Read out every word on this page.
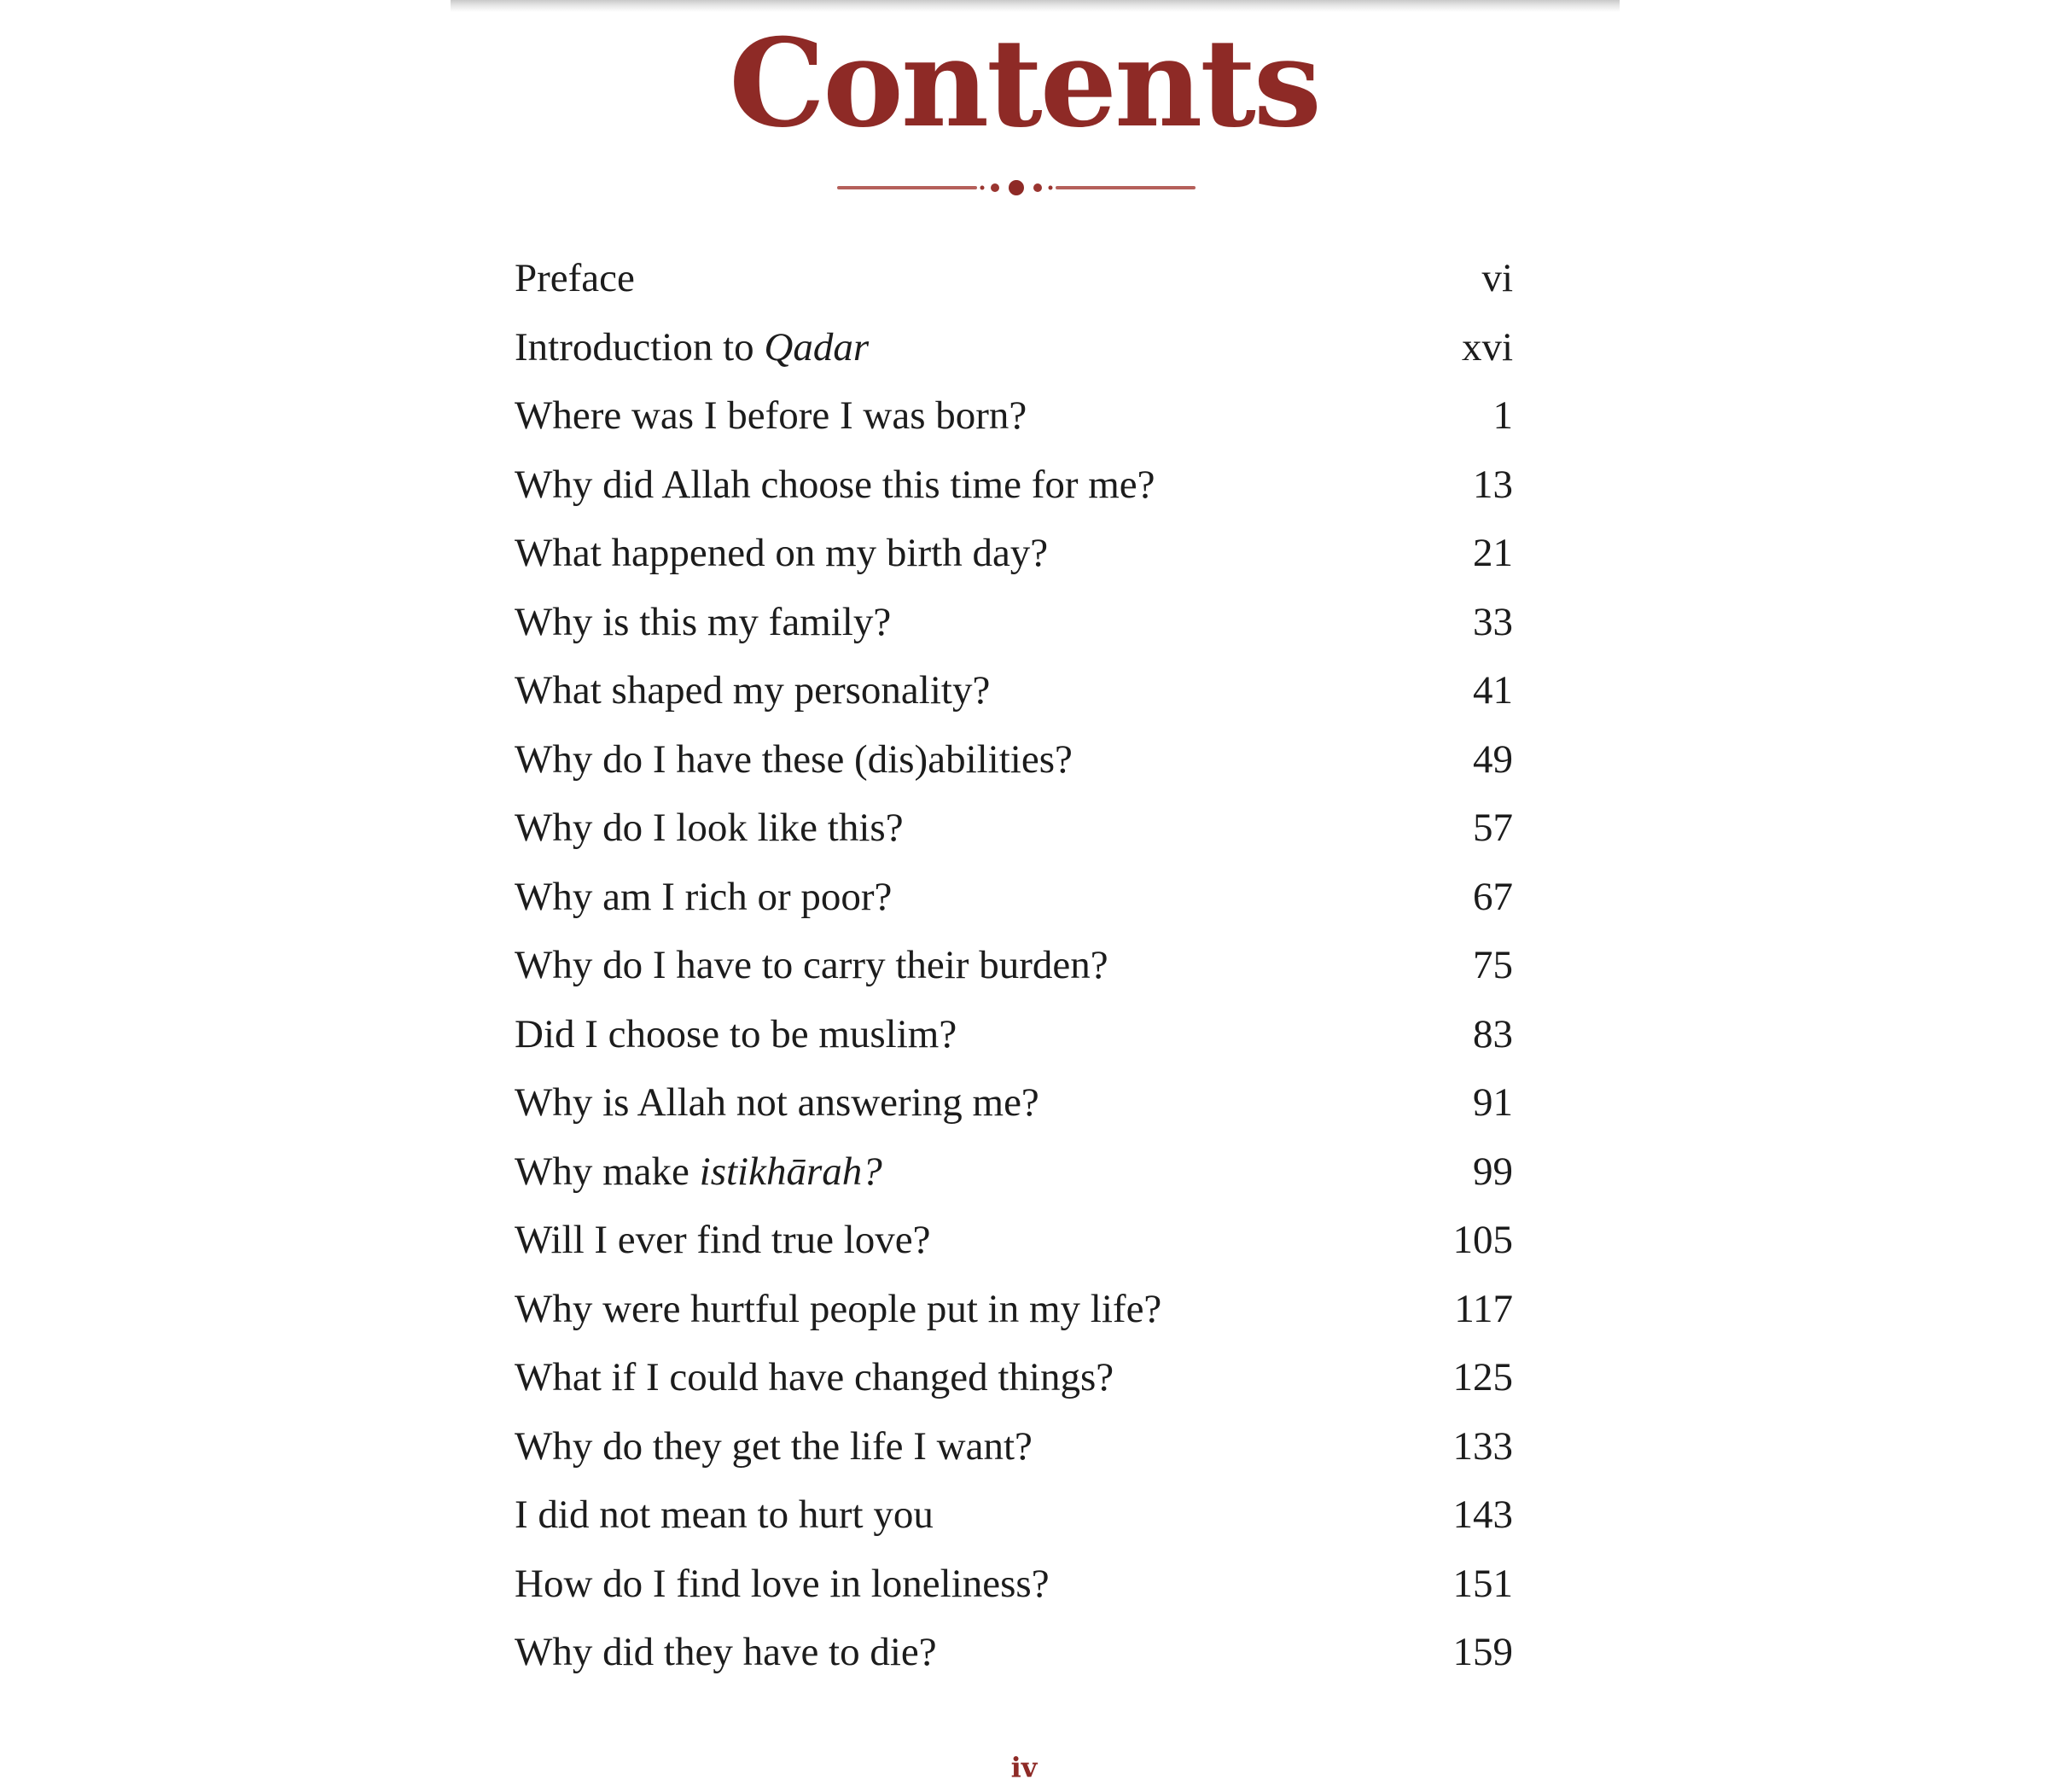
Contents
Preface	vi
Introduction to Qadar	xvi
Where was I before I was born?	1
Why did Allah choose this time for me?	13
What happened on my birth day?	21
Why is this my family?	33
What shaped my personality?	41
Why do I have these (dis)abilities?	49
Why do I look like this?	57
Why am I rich or poor?	67
Why do I have to carry their burden?	75
Did I choose to be muslim?	83
Why is Allah not answering me?	91
Why make istikhārah?	99
Will I ever find true love?	105
Why were hurtful people put in my life?	117
What if I could have changed things?	125
Why do they get the life I want?	133
I did not mean to hurt you	143
How do I find love in loneliness?	151
Why did they have to die?	159
iv
